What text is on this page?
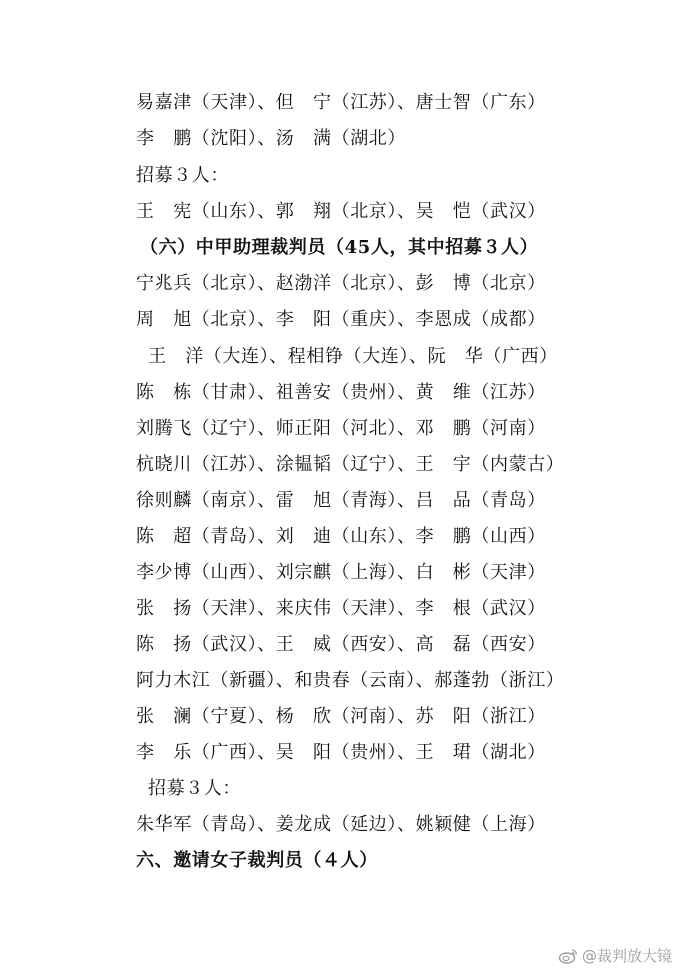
易嘉津（天津）、但　宁（江苏）、唐士智（广东）
李　鹏（沈阳）、汤　满（湖北）
招募３人：
王　宪（山东）、郭　翔（北京）、吴　恺（武汉）
（六）中甲助理裁判员（45人，其中招募３人）
宁兆兵（北京）、赵渤洋（北京）、彭　博（北京）
周　旭（北京）、李　阳（重庆）、李恩成（成都）
王　洋（大连）、程相铮（大连）、阮　华（广西）
陈　栋（甘肃）、祖善安（贵州）、黄　维（江苏）
刘腾飞（辽宁）、师正阳（河北）、邓　鹏（河南）
杭晓川（江苏）、涂韫韬（辽宁）、王　宇（内蒙古）
徐则麟（南京）、雷　旭（青海）、吕　品（青岛）
陈　超（青岛）、刘　迪（山东）、李　鹏（山西）
李少博（山西）、刘宗麒（上海）、白　彬（天津）
张　扬（天津）、来庆伟（天津）、李　根（武汉）
陈　扬（武汉）、王　威（西安）、高　磊（西安）
阿力木江（新疆）、和贵春（云南）、郝蓬勃（浙江）
张　澜（宁夏）、杨　欣（河南）、苏　阳（浙江）
李　乐（广西）、吴　阳（贵州）、王　珺（湖北）
招募３人：
朱华军（青岛）、姜龙成（延边）、姚颖健（上海）
六、邀请女子裁判员（４人）
@裁判放大镜
